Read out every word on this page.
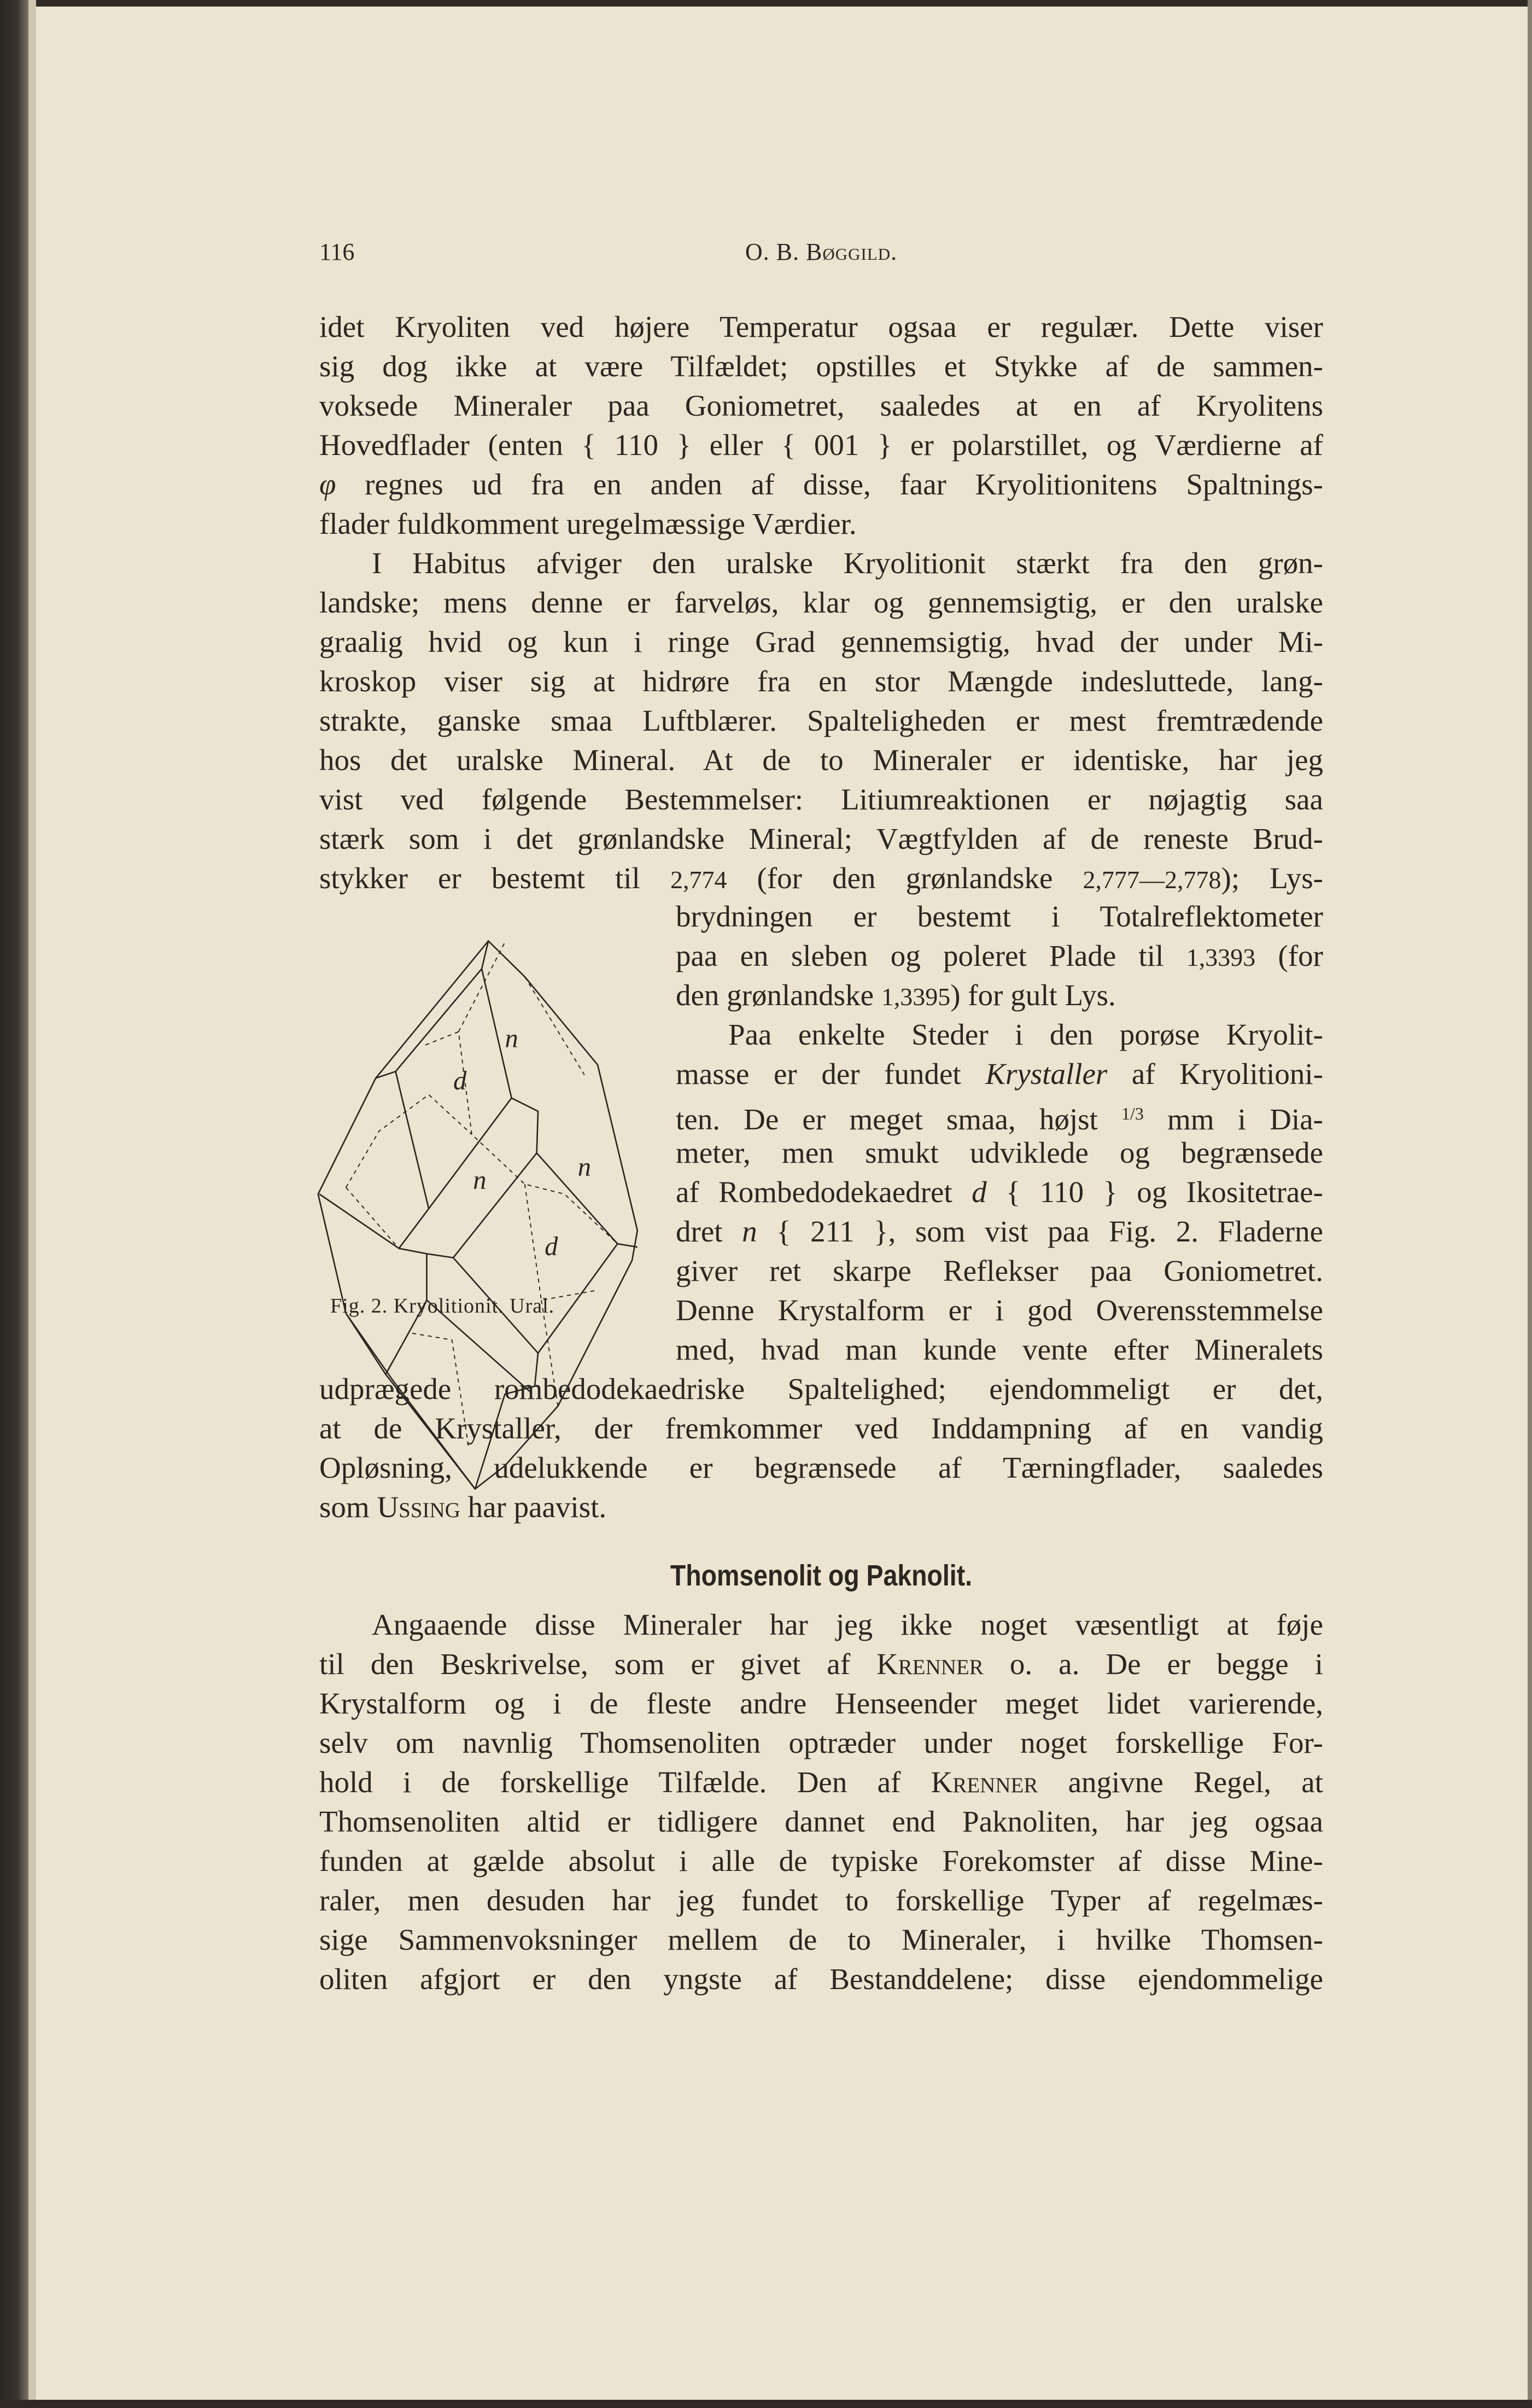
116	O. B. Bøggild.
idet Kryoliten ved højere Temperatur ogsaa er regulær. Dette viser
sig dog ikke at være Tilfældet; opstilles et Stykke af de sammen-
voksede Mineraler paa Goniometret, saaledes at en af Kryolitens
Hovedflader (enten { 110 } eller { 001 } er polarstillet, og Værdierne af
φ regnes ud fra en anden af disse, faar Kryolitionitens Spaltnings-
flader fuldkomment uregelmæssige Værdier.
I Habitus afviger den uralske Kryolitionit stærkt fra den grøn-
landske; mens denne er farveløs, klar og gennemsigtig, er den uralske
graalig hvid og kun i ringe Grad gennemsigtig, hvad der under Mi-
kroskop viser sig at hidrøre fra en stor Mængde indesluttede, lang-
strakte, ganske smaa Luftblærer. Spalteligheden er mest fremtrædende
hos det uralske Mineral. At de to Mineraler er identiske, har jeg
vist ved følgende Bestemmelser: Litiumreaktionen er nøjagtig saa
stærk som i det grønlandske Mineral; Vægtfylden af de reneste Brud-
stykker er bestemt til 2,774 (for den grønlandske 2,777—2,778); Lys-
brydningen er bestemt i Totalreflektometer
paa en sleben og poleret Plade til 1,3393 (for
den grønlandske 1,3395) for gult Lys.
Paa enkelte Steder i den porøse Kryolit-
masse er der fundet Krystaller af Kryolitioni-
ten. De er meget smaa, højst $^{1/3}$ mm i Dia-
meter, men smukt udviklede og begrænsede
af Rombedodekaedret d { 110 } og Ikositetrae-
dret n { 211 }, som vist paa Fig. 2. Fladerne
giver ret skarpe Reflekser paa Goniometret.
Denne Krystalform er i god Overensstemmelse
med, hvad man kunde vente efter Mineralets
udprægede rombedodekaedriske Spaltelighed; ejendommeligt er det,
at de Krystaller, der fremkommer ved Inddampning af en vandig
Opløsning, udelukkende er begrænsede af Tærningflader, saaledes
som Ussing har paavist.
Thomsenolit og Paknolit.
Angaaende disse Mineraler har jeg ikke noget væsentligt at føje
til den Beskrivelse, som er givet af Krenner o. a. De er begge i
Krystalform og i de fleste andre Henseender meget lidet varierende,
selv om navnlig Thomsenoliten optræder under noget forskellige For-
hold i de forskellige Tilfælde. Den af Krenner angivne Regel, at
Thomsenoliten altid er tidligere dannet end Paknoliten, har jeg ogsaa
funden at gælde absolut i alle de typiske Forekomster af disse Mine-
raler, men desuden har jeg fundet to forskellige Typer af regelmæs-
sige Sammenvoksninger mellem de to Mineraler, i hvilke Thomsen-
oliten afgjort er den yngste af Bestanddelene; disse ejendommelige
n
d
n	n
d
Fig. 2. Kryolitionit. Ural.
